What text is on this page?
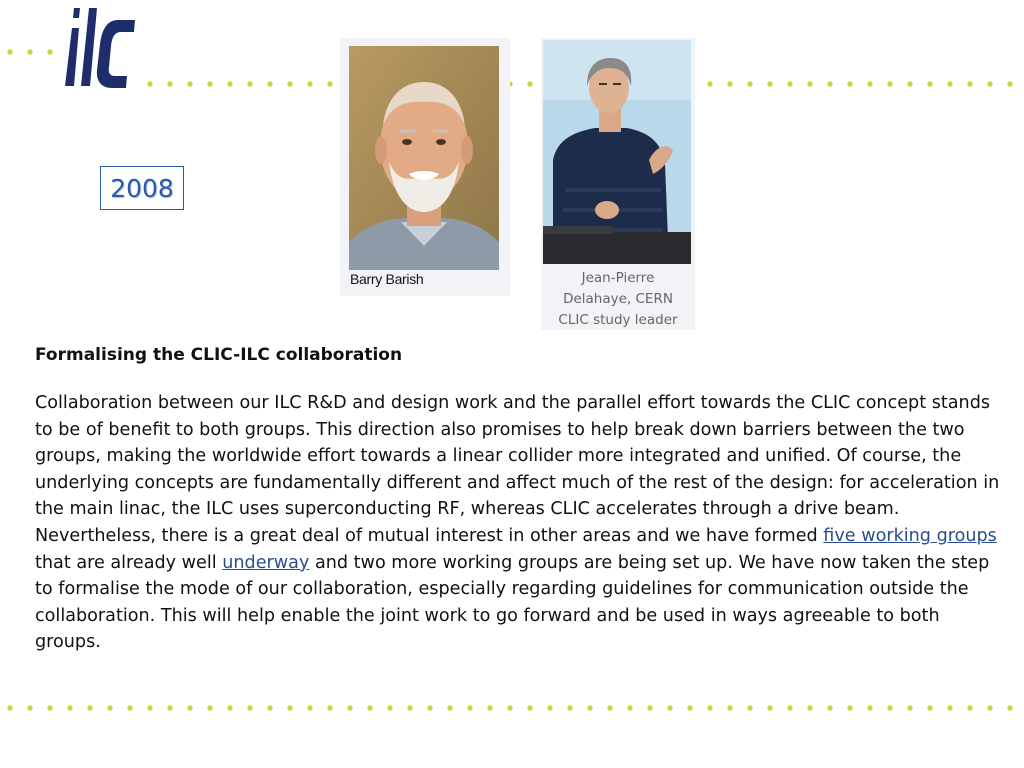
ilc
2008
Barry Barish	Jean-Pierre
Delahaye, CERN
CLIC study leader
Formalising the CLIC-ILC collaboration
Collaboration between our ILC R&D and design work and the parallel effort towards the CLIC concept stands to be of benefit to both groups. This direction also promises to help break down barriers between the two groups, making the worldwide effort towards a linear collider more integrated and unified. Of course, the underlying concepts are fundamentally different and affect much of the rest of the design: for acceleration in the main linac, the ILC uses superconducting RF, whereas CLIC accelerates through a drive beam. Nevertheless, there is a great deal of mutual interest in other areas and we have formed five working groups that are already well underway and two more working groups are being set up. We have now taken the step to formalise the mode of our collaboration, especially regarding guidelines for communication outside the collaboration. This will help enable the joint work to go forward and be used in ways agreeable to both groups.
